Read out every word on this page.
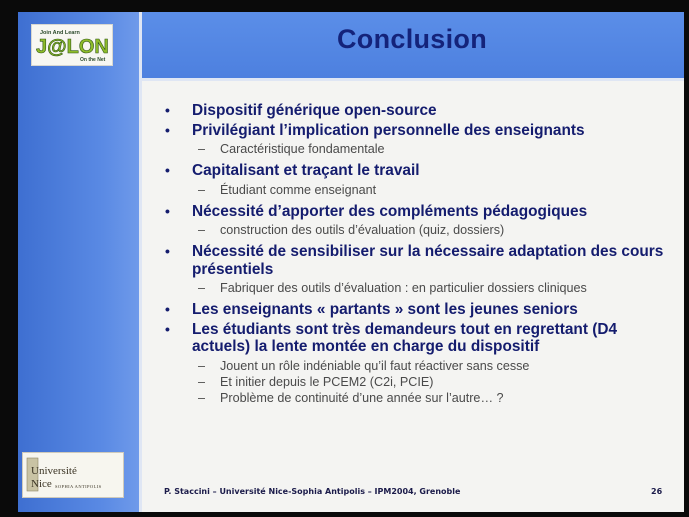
Join And Learn
J@LON
On the Net
Conclusion
• Dispositif générique open-source
• Privilégiant l’implication personnelle des enseignants
– Caractéristique fondamentale
• Capitalisant et traçant le travail
– Étudiant comme enseignant
• Nécessité d’apporter des compléments pédagogiques
– construction des outils d’évaluation (quiz, dossiers)
• Nécessité de sensibiliser sur la nécessaire adaptation des cours présentiels
– Fabriquer des outils d’évaluation : en particulier dossiers cliniques
• Les enseignants « partants » sont les jeunes seniors
• Les étudiants sont très demandeurs tout en regrettant (D4 actuels) la lente montée en charge du dispositif
– Jouent un rôle indéniable qu’il faut réactiver sans cesse
– Et initier depuis le PCEM2 (C2i, PCIE)
– Problème de continuité d’une année sur l’autre… ?
Université
Nice SOPHIA ANTIPOLIS
P. Staccini – Université Nice-Sophia Antipolis – IPM2004, Grenoble	26
